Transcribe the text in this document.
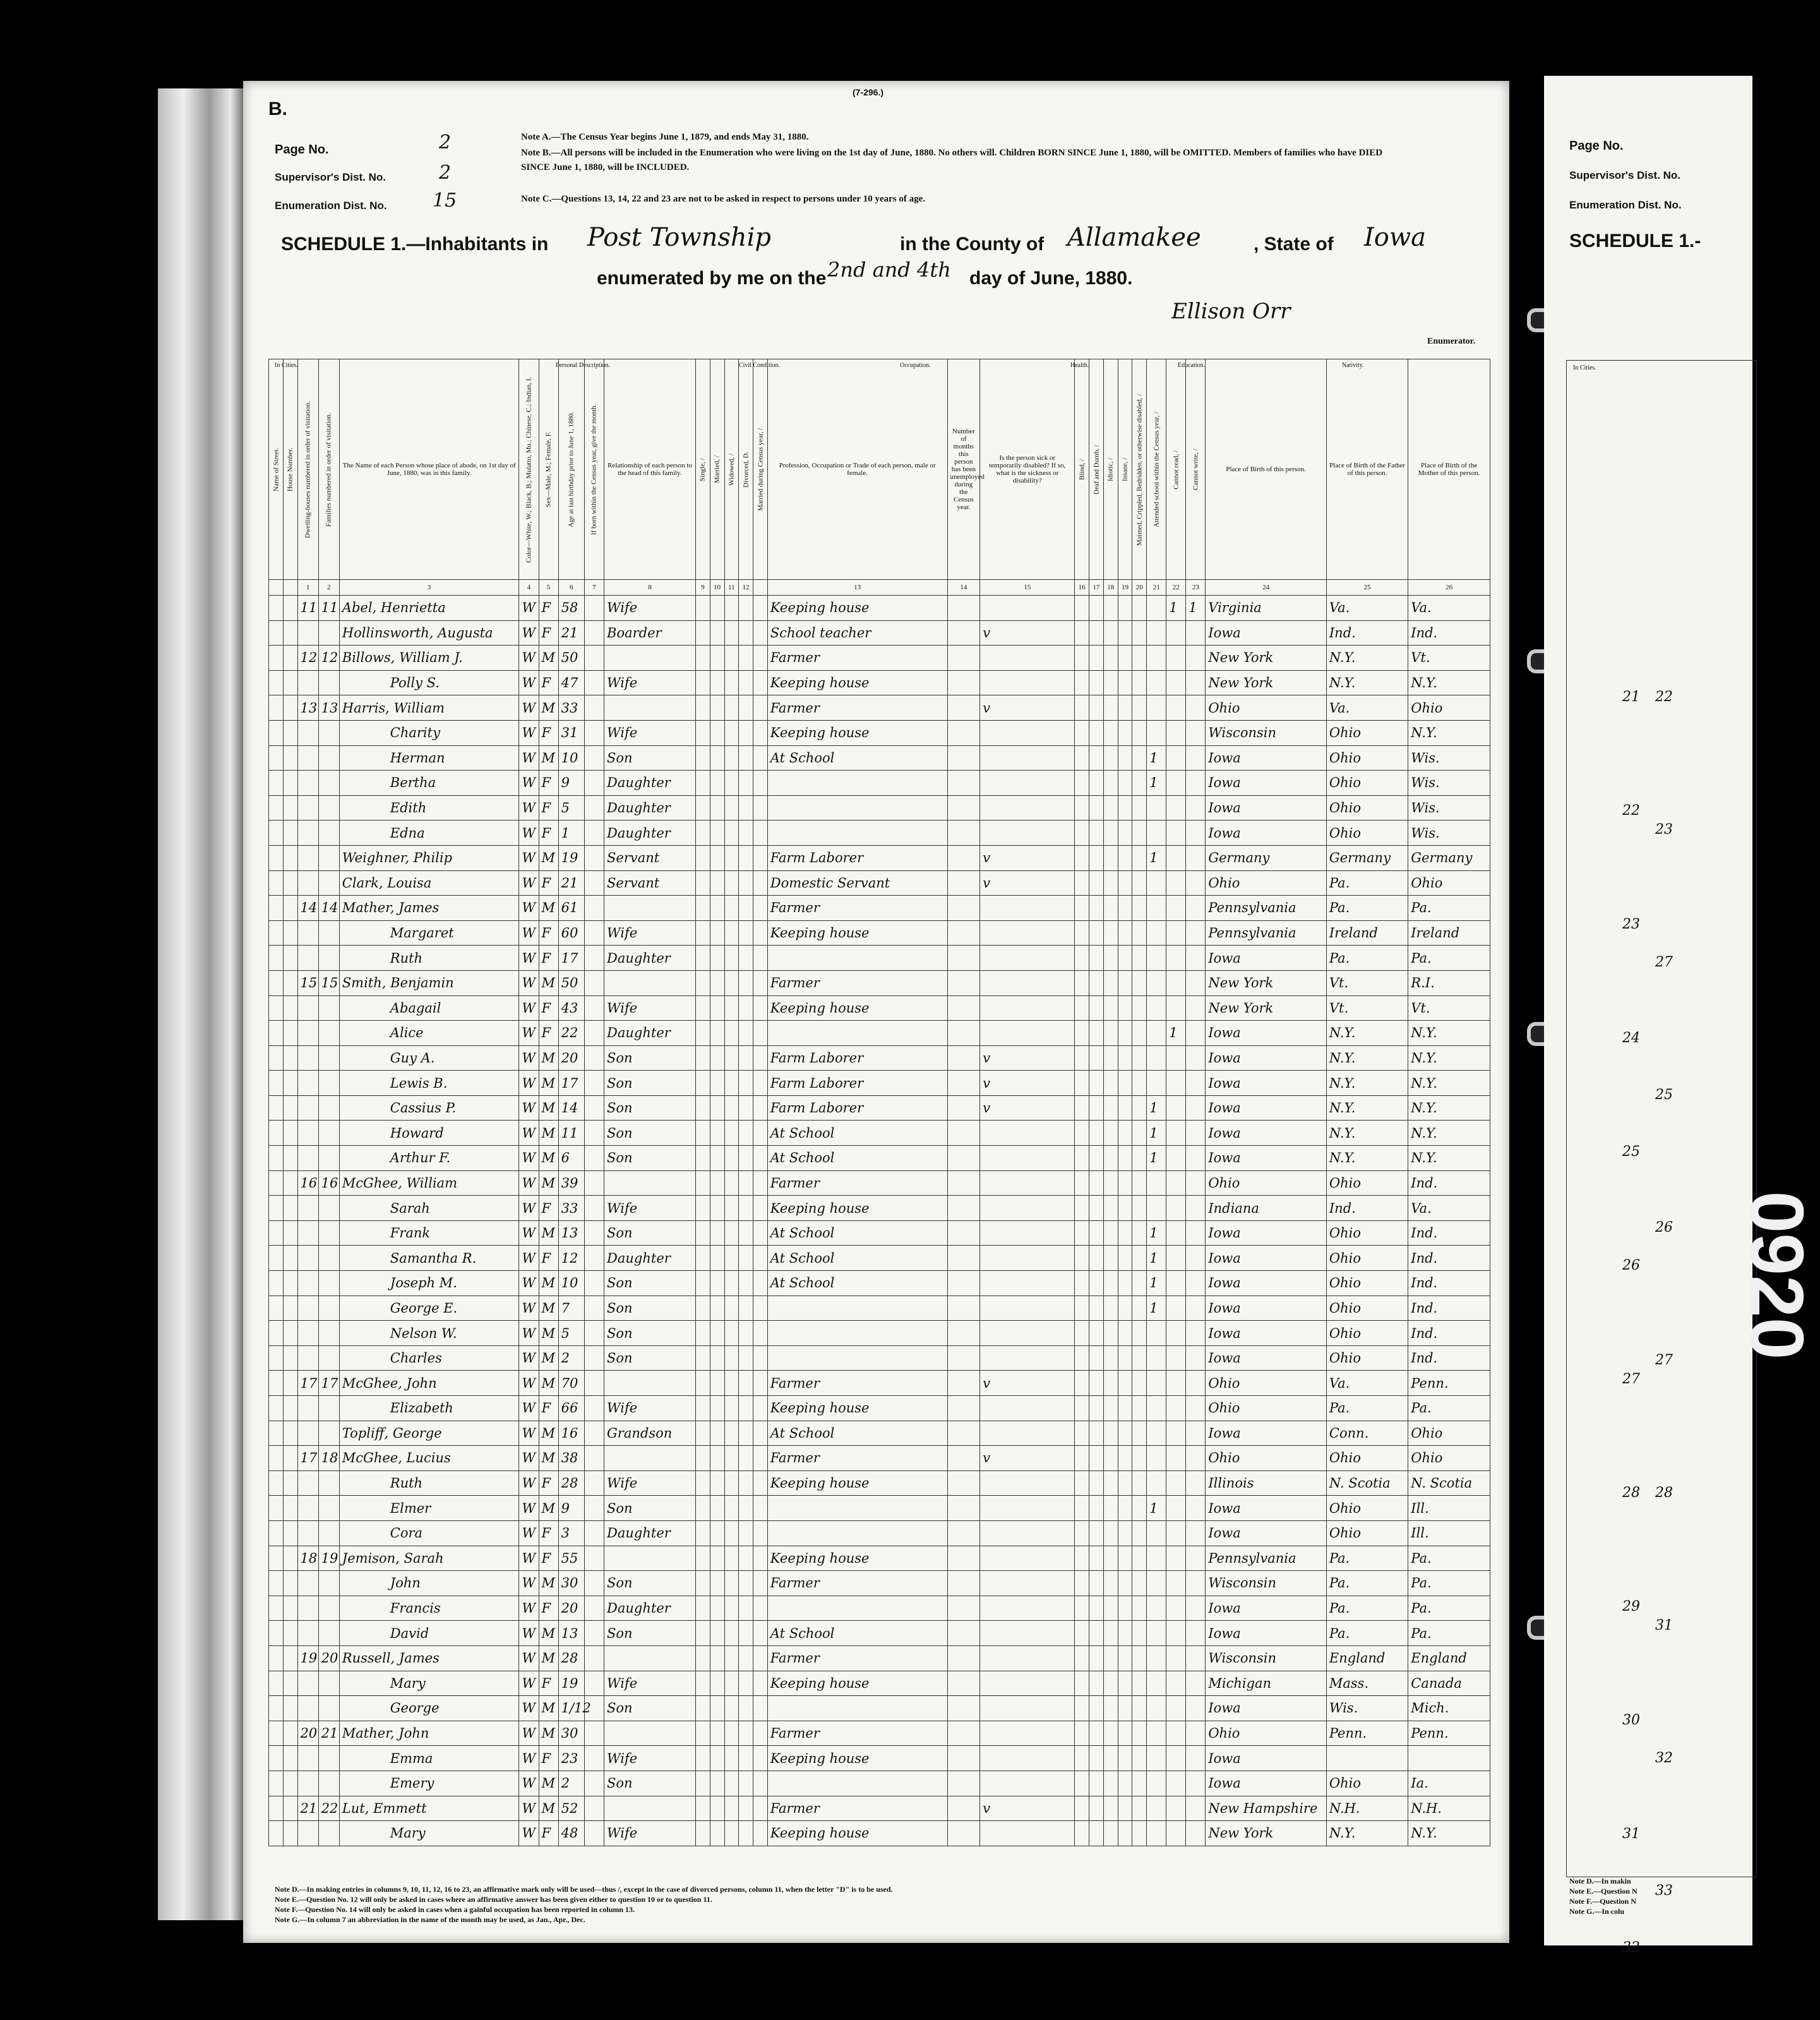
B.
(7-296.)
Page No.	2
Supervisor's Dist. No.	2
Enumeration Dist. No. 15
Note A.—The Census Year begins June 1, 1879, and ends May 31, 1880.
Note B.—All persons will be included in the Enumeration who were living on the 1st day of June, 1880. No others will. Children BORN SINCE June 1, 1880, will be OMITTED. Members of families who have DIED SINCE June 1, 1880, will be INCLUDED.
Note C.—Questions 13, 14, 22 and 23 are not to be asked in respect to persons under 10 years of age.
SCHEDULE 1.—Inhabitants in Post Township	in the County of Allamakee	, State of Iowa
enumerated by me on the 2nd and 4th day of June, 1880.
Ellison Orr
Enumerator.
In Cities.	Personal Description.	Civil Condition.	Occupation.	Health.	Education.	Nativity.
Name of Street.	House Number.	Dwelling-houses numbered in order of visitation.	Families numbered in order of visitation.	The Name of each Person whose place of abode, on 1st day of June, 1880, was in this family.	Color—White, W.; Black, B.; Mulatto, Mu.; Chinese, C.; Indian, I.	Sex—Male, M.; Female, F.	Age at last birthday prior to June 1, 1880.	If born within the Census year, give the month.	Relationship of each person to the head of this family.	Single, /	Married, /	Widowed, /	Divorced, D.	Married during Census year, /	Profession, Occupation or Trade of each person, male or female.	Number of months this person has been unemployed during the Census year.	Is the person sick or temporarily disabled? If so, what is the sickness or disability?	Blind, /	Deaf and Dumb, /	Idiotic, /	Insane, /	Maimed, Crippled, Bedridden, or otherwise disabled, /	Attended school within the Census year, /	Cannot read, /	Cannot write, /	Place of Birth of this person.	Place of Birth of the Father of this person.	Place of Birth of the Mother of this person.
		1	2	3	4	5	6	7	8	9	10	11	12		13	14	15	16	17	18	19	20	21	22	23	24	25	26
		11	11	Abel, Henrietta	W	F	58		Wife						Keeping house									1	1	Virginia	Va.	Va.
				Hollinsworth, Augusta	W	F	21		Boarder						School teacher		v									Iowa	Ind.	Ind.
		12	12	Billows, William J.	W	M	50								Farmer											New York	N.Y.	Vt.
				Polly S.	W	F	47		Wife						Keeping house											New York	N.Y.	N.Y.
		13	13	Harris, William	W	M	33								Farmer		v									Ohio	Va.	Ohio
				Charity	W	F	31		Wife						Keeping house											Wisconsin	Ohio	N.Y.
				Herman	W	M	10		Son						At School								1			Iowa	Ohio	Wis.
				Bertha	W	F	9		Daughter														1			Iowa	Ohio	Wis.
				Edith	W	F	5		Daughter																	Iowa	Ohio	Wis.
				Edna	W	F	1		Daughter																	Iowa	Ohio	Wis.
				Weighner, Philip	W	M	19		Servant						Farm Laborer		v						1			Germany	Germany	Germany
				Clark, Louisa	W	F	21		Servant						Domestic Servant		v									Ohio	Pa.	Ohio
		14	14	Mather, James	W	M	61								Farmer											Pennsylvania	Pa.	Pa.
				Margaret	W	F	60		Wife						Keeping house											Pennsylvania	Ireland	Ireland
				Ruth	W	F	17		Daughter																	Iowa	Pa.	Pa.
		15	15	Smith, Benjamin	W	M	50								Farmer											New York	Vt.	R.I.
				Abagail	W	F	43		Wife						Keeping house											New York	Vt.	Vt.
				Alice	W	F	22		Daughter															1		Iowa	N.Y.	N.Y.
				Guy A.	W	M	20		Son						Farm Laborer		v									Iowa	N.Y.	N.Y.
				Lewis B.	W	M	17		Son						Farm Laborer		v									Iowa	N.Y.	N.Y.
				Cassius P.	W	M	14		Son						Farm Laborer		v						1			Iowa	N.Y.	N.Y.
				Howard	W	M	11		Son						At School								1			Iowa	N.Y.	N.Y.
				Arthur F.	W	M	6		Son						At School								1			Iowa	N.Y.	N.Y.
		16	16	McGhee, William	W	M	39								Farmer											Ohio	Ohio	Ind.
				Sarah	W	F	33		Wife						Keeping house											Indiana	Ind.	Va.
				Frank	W	M	13		Son						At School								1			Iowa	Ohio	Ind.
				Samantha R.	W	F	12		Daughter						At School								1			Iowa	Ohio	Ind.
				Joseph M.	W	M	10		Son						At School								1			Iowa	Ohio	Ind.
				George E.	W	M	7		Son														1			Iowa	Ohio	Ind.
				Nelson W.	W	M	5		Son																	Iowa	Ohio	Ind.
				Charles	W	M	2		Son																	Iowa	Ohio	Ind.
		17	17	McGhee, John	W	M	70								Farmer		v									Ohio	Va.	Penn.
				Elizabeth	W	F	66		Wife						Keeping house											Ohio	Pa.	Pa.
				Topliff, George	W	M	16		Grandson						At School											Iowa	Conn.	Ohio
		17	18	McGhee, Lucius	W	M	38								Farmer		v									Ohio	Ohio	Ohio
				Ruth	W	F	28		Wife						Keeping house											Illinois	N. Scotia	N. Scotia
				Elmer	W	M	9		Son														1			Iowa	Ohio	Ill.
				Cora	W	F	3		Daughter																	Iowa	Ohio	Ill.
		18	19	Jemison, Sarah	W	F	55								Keeping house											Pennsylvania	Pa.	Pa.
				John	W	M	30		Son						Farmer											Wisconsin	Pa.	Pa.
				Francis	W	F	20		Daughter																	Iowa	Pa.	Pa.
				David	W	M	13		Son						At School											Iowa	Pa.	Pa.
		19	20	Russell, James	W	M	28								Farmer											Wisconsin	England	England
				Mary	W	F	19		Wife						Keeping house											Michigan	Mass.	Canada
				George	W	M	1/12		Son																	Iowa	Wis.	Mich.
		20	21	Mather, John	W	M	30								Farmer											Ohio	Penn.	Penn.
				Emma	W	F	23		Wife						Keeping house											Iowa		
				Emery	W	M	2		Son																	Iowa	Ohio	Ia.
		21	22	Lut, Emmett	W	M	52								Farmer		v									New Hampshire	N.H.	N.H.
				Mary	W	F	48		Wife						Keeping house											New York	N.Y.	N.Y.
Note D.—In making entries in columns 9, 10, 11, 12, 16 to 23, an affirmative mark only will be used—thus /, except in the case of divorced persons, column 11, when the letter "D" is to be used.
Note E.—Question No. 12 will only be asked in cases where an affirmative answer has been given either to question 10 or to question 11.
Note F.—Question No. 14 will only be asked in cases when a gainful occupation has been reported in column 13.
Note G.—In column 7 an abbreviation in the name of the month may be used, as Jan., Apr., Dec.
Page No.
Supervisor's Dist. No.
Enumeration Dist. No.
SCHEDULE 1.-
In Cities.
21
22
23
24
25
26
27
28
29
30
31
32
22
23
27
25
26
27
28
31
32
33
Note D.—In makin
Note E.—Question N
Note F.—Question N
Note G.—In colu
0920
